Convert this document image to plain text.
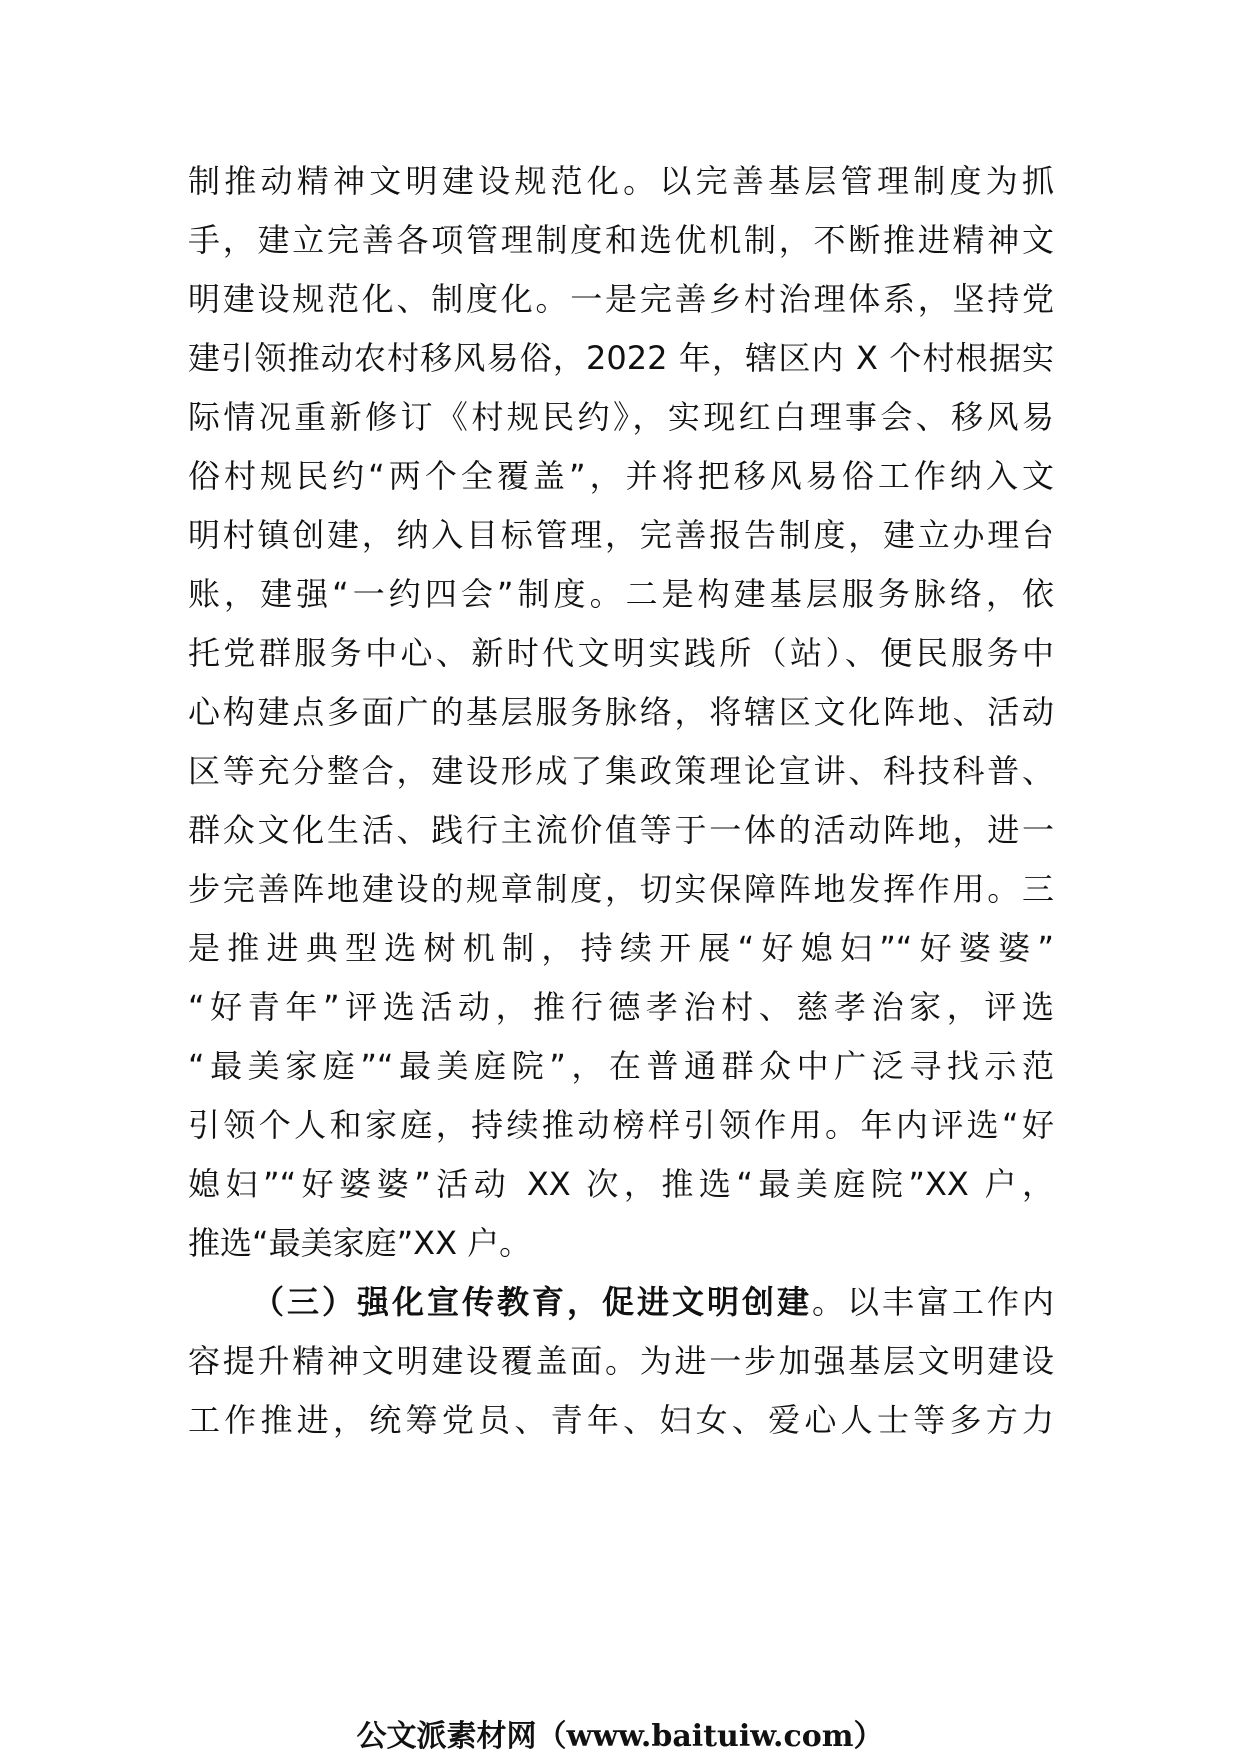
制推动精神文明建设规范化。以完善基层管理制度为抓
手，建立完善各项管理制度和选优机制，不断推进精神文
明建设规范化、制度化。一是完善乡村治理体系，坚持党
建引领推动农村移风易俗，2022 年，辖区内 X 个村根据实
际情况重新修订《村规民约》，实现红白理事会、移风易
俗村规民约“两个全覆盖”，并将把移风易俗工作纳入文
明村镇创建，纳入目标管理，完善报告制度，建立办理台
账，建强“一约四会”制度。二是构建基层服务脉络，依
托党群服务中心、新时代文明实践所（站）、便民服务中
心构建点多面广的基层服务脉络，将辖区文化阵地、活动
区等充分整合，建设形成了集政策理论宣讲、科技科普、
群众文化生活、践行主流价值等于一体的活动阵地，进一
步完善阵地建设的规章制度，切实保障阵地发挥作用。三
是推进典型选树机制，持续开展“好媳妇”“好婆婆”
“好青年”评选活动，推行德孝治村、慈孝治家，评选
“最美家庭”“最美庭院”，在普通群众中广泛寻找示范
引领个人和家庭，持续推动榜样引领作用。年内评选“好
媳妇”“好婆婆”活动 XX 次，推选“最美庭院”XX 户，
推选“最美家庭”XX 户。
（三）强化宣传教育，促进文明创建。以丰富工作内
容提升精神文明建设覆盖面。为进一步加强基层文明建设
工作推进，统筹党员、青年、妇女、爱心人士等多方力
公文派素材网（www.baituiw.com）
